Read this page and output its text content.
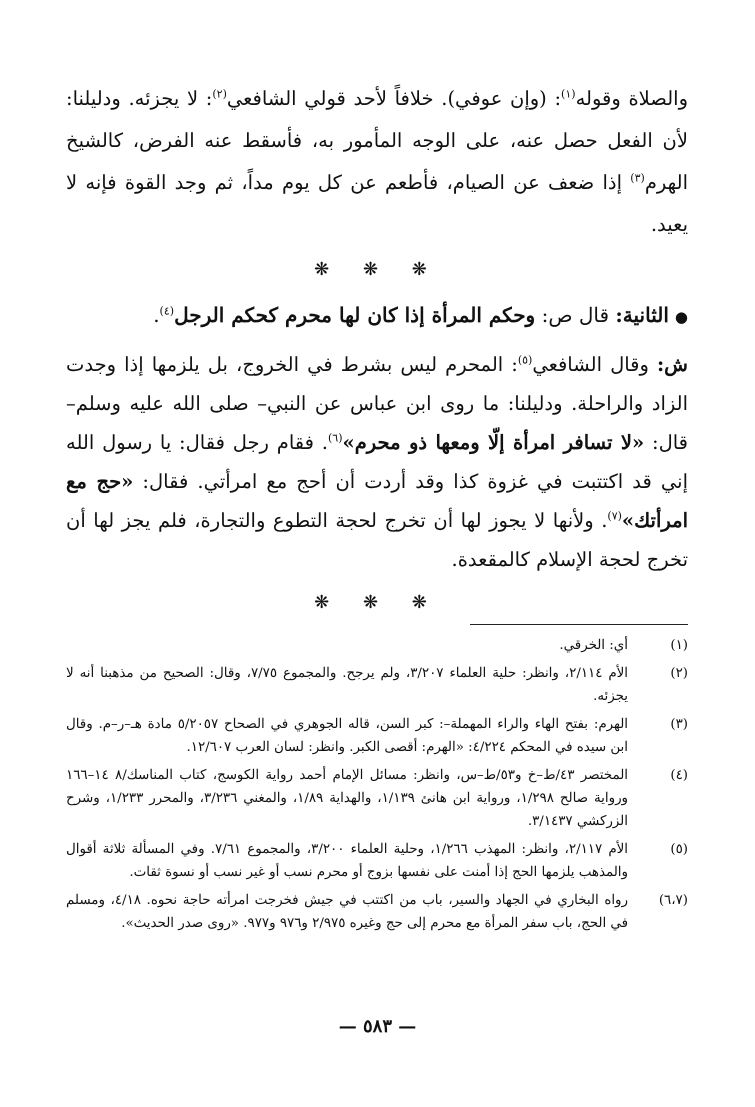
والصلاة وقوله$^{(١)}$: (وإن عوفي). خلافاً لأحد قولي الشافعي$^{(٢)}$: لا يجزئه. ودليلنا: لأن الفعل حصل عنه، على الوجه المأمور به، فأسقط عنه الفرض، كالشيخ الهرم$^{(٣)}$ إذا ضعف عن الصيام، فأطعم عن كل يوم مداً، ثم وجد القوة فإنه لا يعيد.

❋ ❋ ❋

●الثانية: قال ص: وحكم المرأة إذا كان لها محرم كحكم الرجل$^{(٤)}$.

ش: وقال الشافعي$^{(٥)}$: المحرم ليس بشرط في الخروج، بل يلزمها إذا وجدت الزاد والراحلة. ودليلنا: ما روى ابن عباس عن النبي– صلى الله عليه وسلم– قال: «لا تسافر امرأة إلّا ومعها ذو محرم»$^{(٦)}$. فقام رجل فقال: يا رسول الله إني قد اكتتبت في غزوة كذا وقد أردت أن أحج مع امرأتي. فقال: «حج مع امرأتك»$^{(٧)}$. ولأنها لا يجوز لها أن تخرج لحجة التطوع والتجارة، فلم يجز لها أن تخرج لحجة الإسلام كالمقعدة.

❋ ❋ ❋

(١)
أي: الخرقي.
(٢)
الأم ٢/١١٤، وانظر: حلية العلماء ٣/٢٠٧، ولم يرجح. والمجموع ٧/٧٥، وقال: الصحيح من مذهبنا أنه لا يجزئه.
(٣)
الهرم: بفتح الهاء والراء المهملة–: كبر السن، قاله الجوهري في الصحاح ٥/٢٠٥٧ مادة هـ–ر–م. وقال ابن سيده في المحكم ٤/٢٢٤: «الهرم: أقصى الكبر. وانظر: لسان العرب ١٢/٦٠٧.
(٤)
المختصر ٤٣/ط–خ و٥٣/ط–س، وانظر: مسائل الإمام أحمد رواية الكوسج، كتاب المناسك/٨ ١٤–١٦٦ ورواية صالح ١/٢٩٨، ورواية ابن هانئ ١/١٣٩، والهداية ١/٨٩، والمغني ٣/٢٣٦، والمحرر ١/٢٣٣، وشرح الزركشي ٣/١٤٣٧.
(٥)
الأم ٢/١١٧، وانظر: المهذب ١/٢٦٦، وحلية العلماء ٣/٢٠٠، والمجموع ٧/٦١. وفي المسألة ثلاثة أقوال والمذهب يلزمها الحج إذا أمنت على نفسها بزوج أو محرم نسب أو غير نسب أو نسوة ثقات.
(٦،٧)
رواه البخاري في الجهاد والسير، باب من اكتتب في جيش فخرجت امرأته حاجة نحوه. ٤/١٨، ومسلم في الحج، باب سفر المرأة مع محرم إلى حج وغيره ٢/٩٧٥ و٩٧٦ و٩٧٧. «روى صدر الحديث».
— ٥٨٣ —
